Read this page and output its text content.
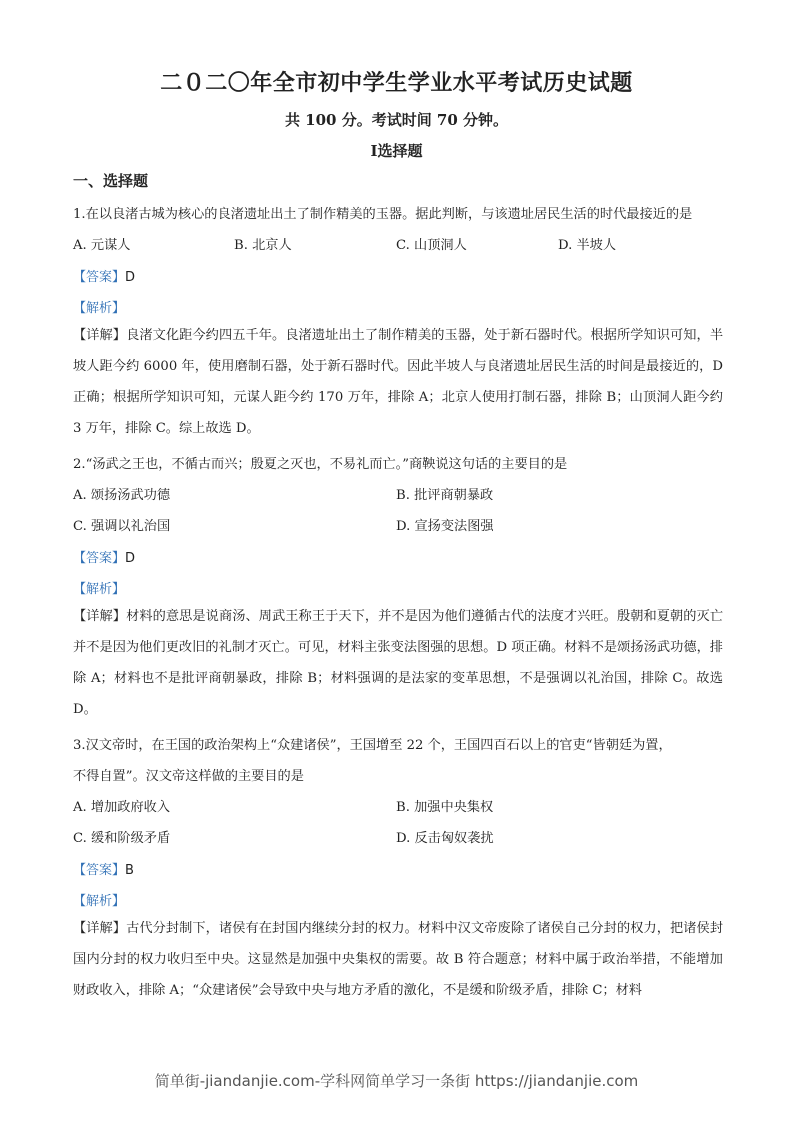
二０二〇年全市初中学生学业水平考试历史试题
共 100 分。考试时间 70 分钟。
Ⅰ选择题
一、选择题
1.在以良渚古城为核心的良渚遗址出土了制作精美的玉器。据此判断，与该遗址居民生活的时代最接近的是
A. 元谋人	B. 北京人	C. 山顶洞人	D. 半坡人
【答案】D
【解析】
【详解】良渚文化距今约四五千年。良渚遗址出土了制作精美的玉器，处于新石器时代。根据所学知识可知，半坡人距今约 6000 年，使用磨制石器，处于新石器时代。因此半坡人与良渚遗址居民生活的时间是最接近的，D 正确；根据所学知识可知，元谋人距今约 170 万年，排除 A；北京人使用打制石器，排除 B；山顶洞人距今约 3 万年，排除 C。综上故选 D。
2.“汤武之王也，不循古而兴；殷夏之灭也，不易礼而亡。”商鞅说这句话的主要目的是
A. 颂扬汤武功德	B. 批评商朝暴政
C. 强调以礼治国	D. 宣扬变法图强
【答案】D
【解析】
【详解】材料的意思是说商汤、周武王称王于天下，并不是因为他们遵循古代的法度才兴旺。殷朝和夏朝的灭亡并不是因为他们更改旧的礼制才灭亡。可见，材料主张变法图强的思想。D 项正确。材料不是颂扬汤武功德，排除 A；材料也不是批评商朝暴政，排除 B；材料强调的是法家的变革思想，不是强调以礼治国，排除 C。故选 D。
3.汉文帝时，在王国的政治架构上“众建诸侯”，王国增至 22 个，王国四百石以上的官吏“皆朝廷为置，
不得自置”。汉文帝这样做的主要目的是
A. 增加政府收入	B. 加强中央集权
C. 缓和阶级矛盾	D. 反击匈奴袭扰
【答案】B
【解析】
【详解】古代分封制下，诸侯有在封国内继续分封的权力。材料中汉文帝废除了诸侯自己分封的权力，把诸侯封国内分封的权力收归至中央。这显然是加强中央集权的需要。故 B 符合题意；材料中属于政治举措，不能增加财政收入，排除 A；“众建诸侯”会导致中央与地方矛盾的激化，不是缓和阶级矛盾，排除 C；材料
简单街-jiandanjie.com-学科网简单学习一条街 https://jiandanjie.com
